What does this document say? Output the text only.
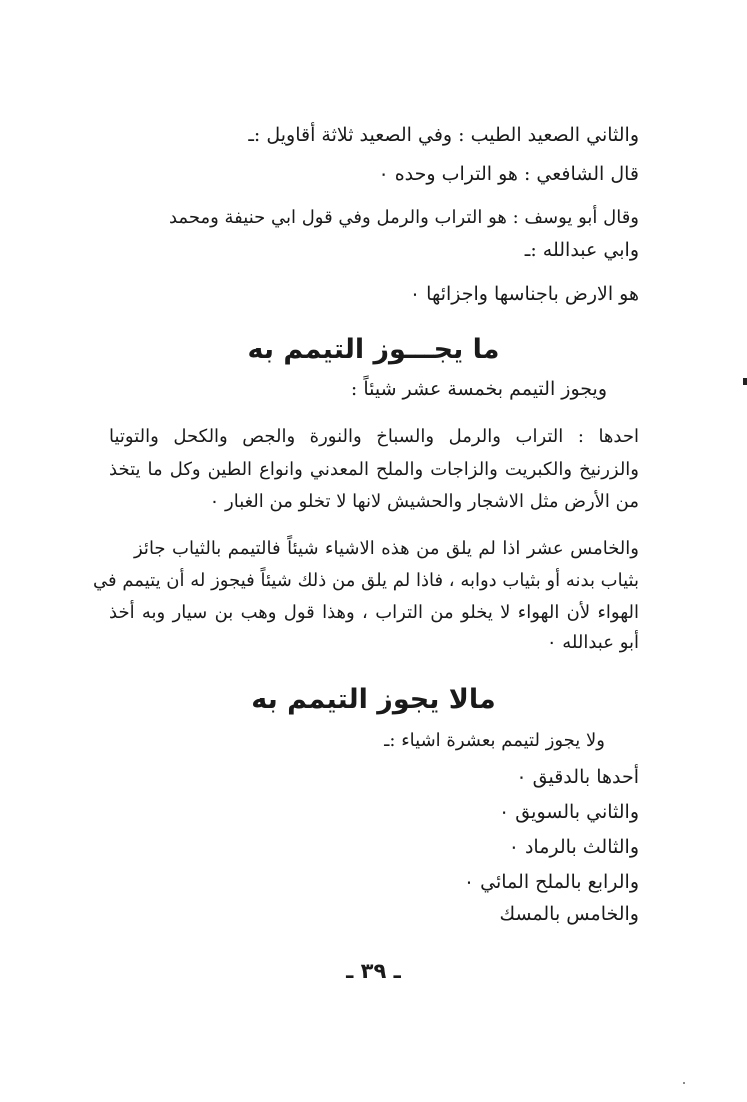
والثاني الصعيد الطيب : وفي الصعيد ثلاثة أقاويل :ـ
قال الشافعي : هو التراب وحده ٠
وقال أبو يوسف : هو التراب والرمل وفي قول ابي حنيفة ومحمد
وابي عبدالله :ـ
هو الارض باجناسها واجزائها ٠
ما يجـــوز التيمم به
ويجوز التيمم بخمسة عشر شيئاً :
احدها : التراب والرمل والسباخ والنورة والجص والكحل والتوتيا
والزرنيخ والكبريت والزاجات والملح المعدني وانواع الطين وكل ما يتخذ
من الأرض مثل الاشجار والحشيش لانها لا تخلو من الغبار ٠
والخامس عشر اذا لم يلق من هذه الاشياء شيئاً فالتيمم بالثياب جائز
بثياب بدنه أو بثياب دوابه ، فاذا لم يلق من ذلك شيئاً فيجوز له أن يتيمم في
الهواء لأن الهواء لا يخلو من التراب ، وهذا قول وهب بن سيار وبه أخذ
أبو عبدالله ٠
مالا يجوز التيمم به
ولا يجوز لتيمم بعشرة اشياء :ـ
أحدها بالدقيق ٠
والثاني بالسويق ٠
والثالث بالرماد ٠
والرابع بالملح المائي ٠
والخامس بالمسك
ـ ٣٩ ـ
